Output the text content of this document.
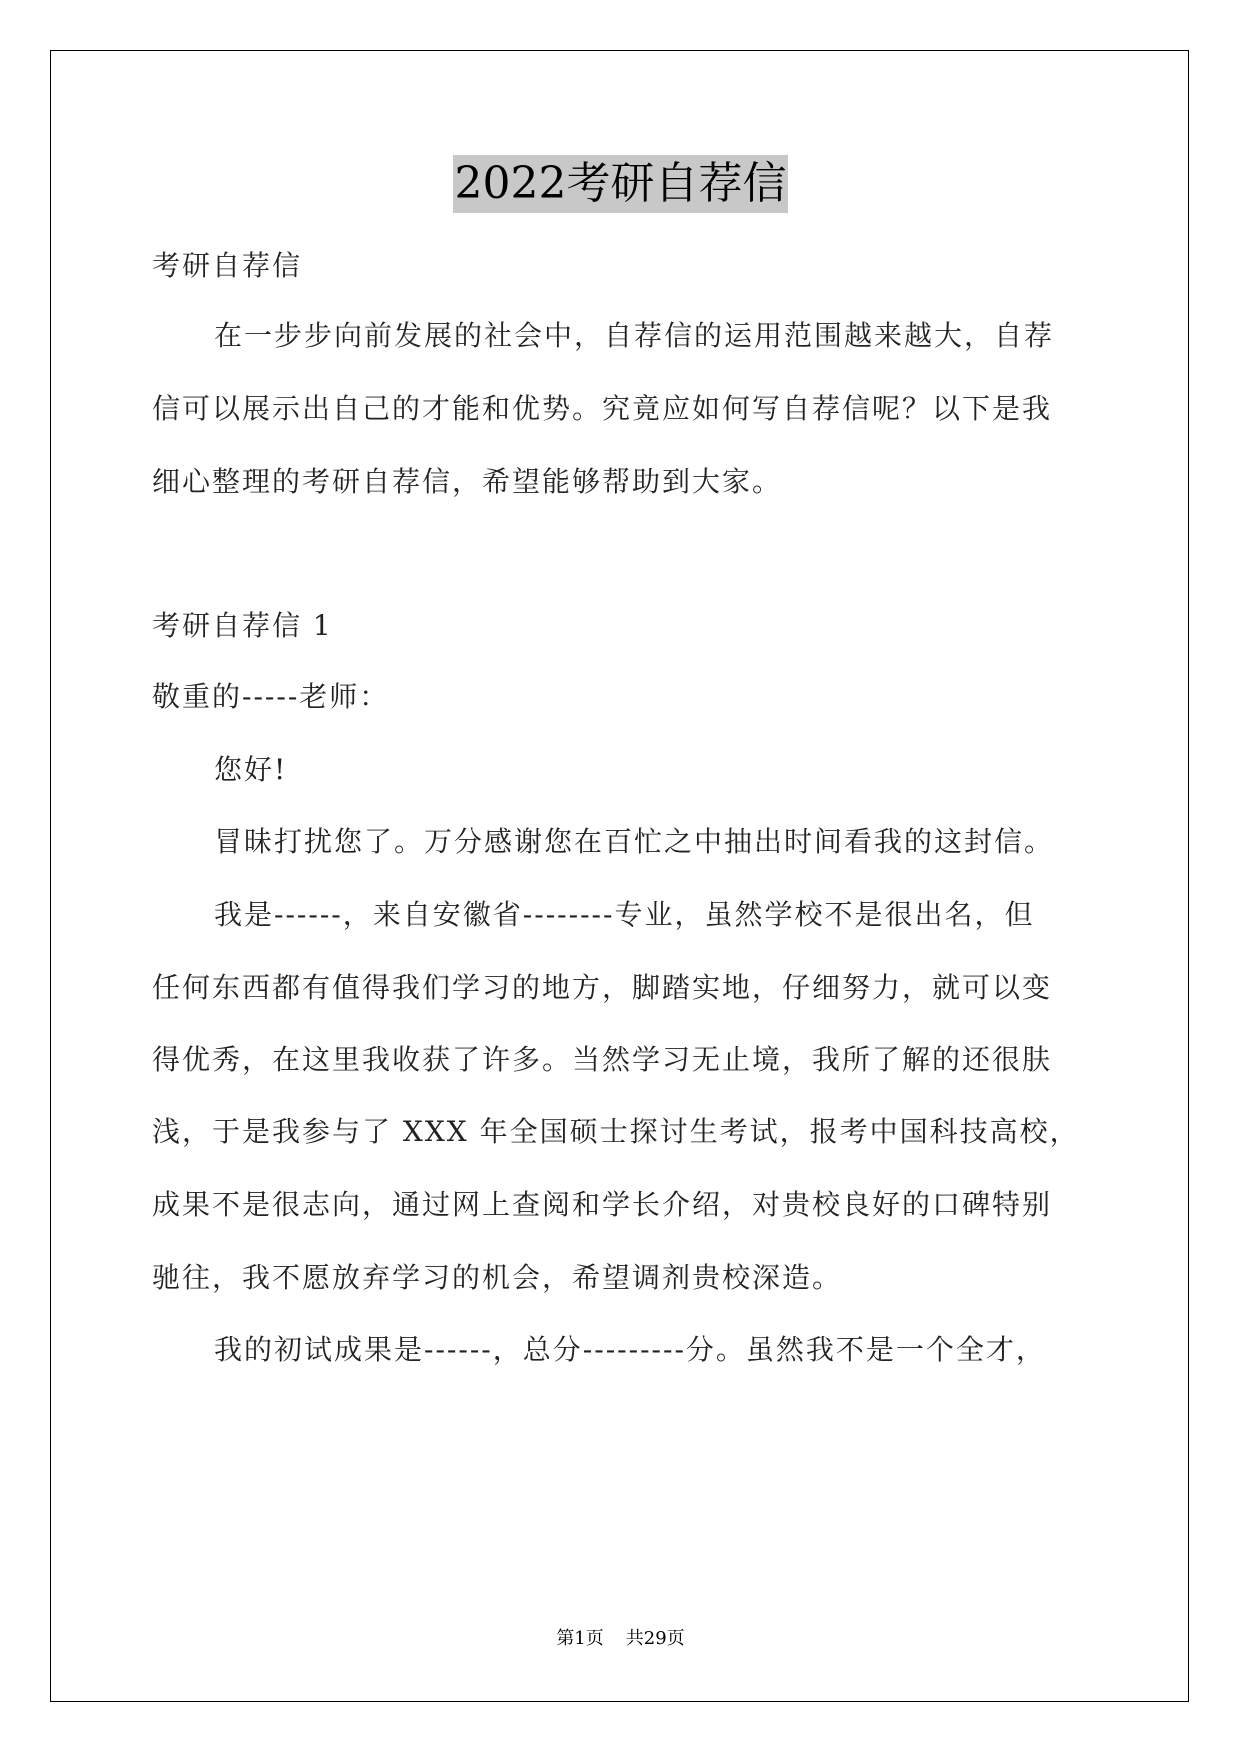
2022考研自荐信
考研自荐信
在一步步向前发展的社会中，自荐信的运用范围越来越大，自荐
信可以展示出自己的才能和优势。究竟应如何写自荐信呢？以下是我
细心整理的考研自荐信，希望能够帮助到大家。
考研自荐信 1
敬重的-----老师：
您好!
冒昧打扰您了。万分感谢您在百忙之中抽出时间看我的这封信。
我是------，来自安徽省--------专业，虽然学校不是很出名，但
任何东西都有值得我们学习的地方，脚踏实地，仔细努力，就可以变
得优秀，在这里我收获了许多。当然学习无止境，我所了解的还很肤
浅，于是我参与了 XXX 年全国硕士探讨生考试，报考中国科技高校，
成果不是很志向，通过网上查阅和学长介绍，对贵校良好的口碑特别
驰往，我不愿放弃学习的机会，希望调剂贵校深造。
我的初试成果是------，总分---------分。虽然我不是一个全才，
第1页 共29页
